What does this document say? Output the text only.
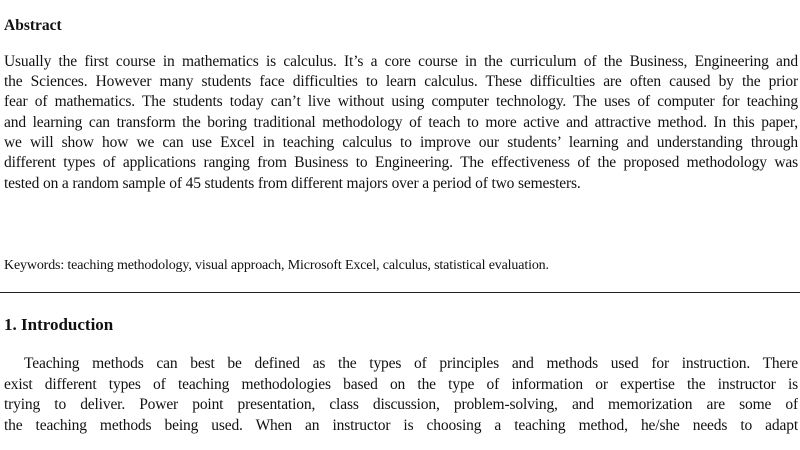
Abstract
Usually the first course in mathematics is calculus. It’s a core course in the curriculum of the Business, Engineering and
the Sciences. However many students face difficulties to learn calculus. These difficulties are often caused by the prior
fear of mathematics. The students today can’t live without using computer technology. The uses of computer for teaching
and learning can transform the boring traditional methodology of teach to more active and attractive method. In this paper,
we will show how we can use Excel in teaching calculus to improve our students’ learning and understanding through
different types of applications ranging from Business to Engineering. The effectiveness of the proposed methodology was
tested on a random sample of 45 students from different majors over a period of two semesters.
Keywords: teaching methodology, visual approach, Microsoft Excel, calculus, statistical evaluation.
1. Introduction
Teaching methods can best be defined as the types of principles and methods used for instruction. There
exist different types of teaching methodologies based on the type of information or expertise the instructor is
trying to deliver. Power point presentation, class discussion, problem-solving, and memorization are some of
the teaching methods being used. When an instructor is choosing a teaching method, he/she needs to adapt
